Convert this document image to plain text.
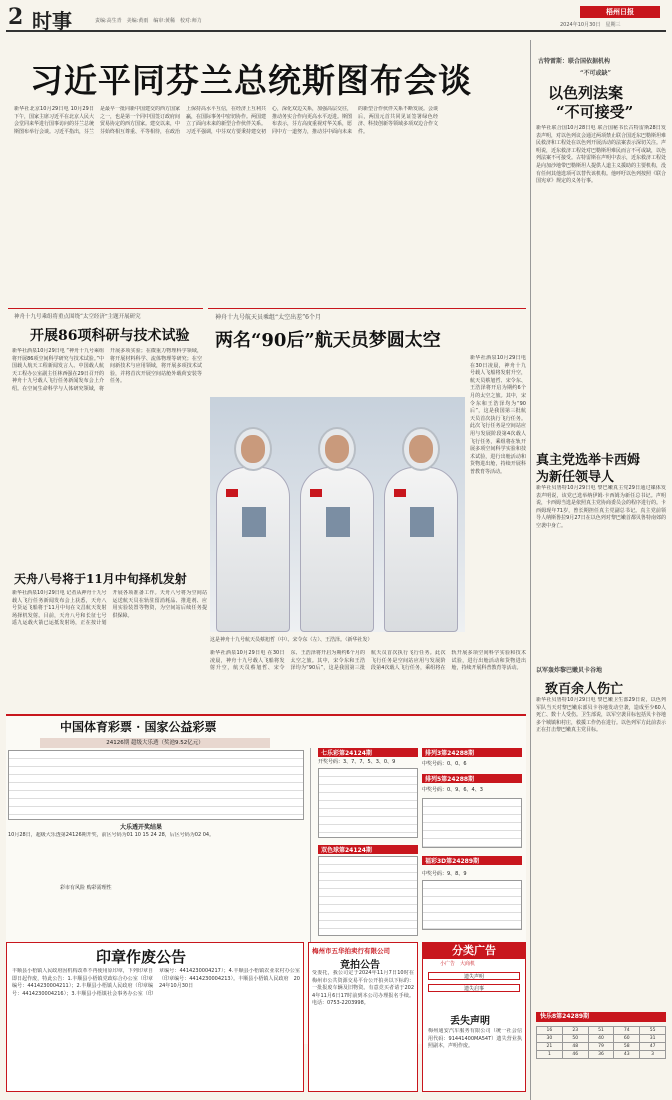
2 时事	责编:高生青　美编:黄雨　编审:黄稀　校对:师力
梧州日报
2024年10月30日　星期三
习近平同芬兰总统斯图布会谈
新华社北京10月29日电 10月29日下午，国家主席习近平在北京人民大会堂同来华进行国事访问的芬兰总统斯图布举行会谈。习近平指出，芬兰是最早一批同新中国建交的西方国家之一，也是第一个同中国签订政府间贸易协定的西方国家。建交以来，中芬始终相互尊重、平等相待，在政治上保持高水平互信，在经济上互利共赢，在国际事务中密切协作。两国建立了面向未来的新型合作伙伴关系。习近平强调，中芬双方要秉持建交初心，深化双边关系，加强高层交往，推动务实合作向更高水平迈进。斯图布表示，芬方高度重视对华关系，愿同中方一道努力，推动芬中面向未来的新型合作伙伴关系不断发展。会谈后，两国元首共同见证签署绿色经济、科技创新等领域多项双边合作文件。
古特雷斯：联合国依据机构
“不可或缺”
以色列法案
“不可接受”
新华社联合国10月28日电 联合国秘书长古特雷斯28日发表声明，对以色列议会通过两项禁止联合国近东巴勒斯坦难民救济和工程处在以色列开展活动的法案表示深切关注。声明说，近东救济工程处对巴勒斯坦难民而言不可或缺，以色列法案不可接受。古特雷斯在声明中表示，近东救济工程处是向加沙地带巴勒斯坦人提供人道主义援助的主要机构，没有任何其他选项可以替代该机构。他呼吁以色列按照《联合国宪章》规定的义务行事。
真主党选举卡西姆
为新任领导人
新华社贝鲁特10月29日电 黎巴嫩真主党29日通过媒体发表声明说，该党已选举纳伊姆·卡西姆为新任总书记。声明说，卡西姆当选是依照真主党协商委员会的程序进行的。卡西姆现年71岁，曾长期担任真主党副总书记。真主党前领导人纳斯鲁拉9月27日在以色列对黎巴嫩首都贝鲁特南郊的空袭中身亡。
以军轰炸黎巴嫩贝卡谷地
致百余人伤亡
新华社贝鲁特10月29日电 黎巴嫩卫生部29日说，以色列军队当天对黎巴嫩东部贝卡谷地发动空袭，造成至少60人死亡、数十人受伤。卫生部说，以军空袭目标包括贝卡谷地多个城镇和村庄，救援工作仍在进行。以色列军方此前表示正在打击黎巴嫩真主党目标。
神舟十九号乘组将重点围绕“太空经济”主题开展研究
开展86项科研与技术试验
新华社酒泉10月29日电 “神舟十九号乘组将开展86项空间科学研究与技术试验。”中国载人航天工程新闻发言人、中国载人航天工程办公室副主任林西强在29日召开的神舟十九号载人飞行任务新闻发布会上介绍。在空间生命科学与人体研究领域，将开展多项实验；在微重力物理科学领域，将开展材料科学、流体物理等研究；在空间新技术与应用领域，将开展多项技术试验，并将首次开展空间站舱外载荷安装等任务。
神舟十九号航天员乘组“太空出差”6个月
两名“90后”航天员梦圆太空
新华社酒泉10月29日电 在30日凌晨，神舟十九号载人飞船将发射升空，航天员蔡旭哲、宋令东、王浩泽将开启为期约6个月的太空之旅。其中，宋令东和王浩泽均为“90后”，这是我国第三批航天员首次执行飞行任务。此次飞行任务是空间站应用与发展阶段第4次载人飞行任务，乘组将在轨开展多项空间科学实验和技术试验，进行出舱活动和货物进出舱，持续开展科普教育等活动。
这是神舟十九号航天员蔡旭哲（中）、宋令东（左）、王浩泽。（新华社发）
新华社酒泉10月29日电 在30日凌晨，神舟十九号载人飞船将发射升空，航天员蔡旭哲、宋令东、王浩泽将开启为期约6个月的太空之旅。其中，宋令东和王浩泽均为“90后”，这是我国第三批航天员首次执行飞行任务。此次飞行任务是空间站应用与发展阶段第4次载人飞行任务，乘组将在轨开展多项空间科学实验和技术试验，进行出舱活动和货物进出舱，持续开展科普教育等活动。
天舟八号将于11月中旬择机发射
新华社酒泉10月29日电 记者从神舟十九号载人飞行任务新闻发布会上获悉，天舟八号货运飞船将于11月中旬在文昌航天发射场择机发射。目前，天舟八号和长征七号遥九运载火箭已运抵发射场，正在按计划开展各项准备工作。天舟八号将为空间站运送航天员在轨驻留消耗品、推进剂、应用实验装置等物资，为空间站后续任务提供保障。
中国体育彩票 · 国家公益彩票
24126期 超级大乐透（奖池9.52亿元）
大乐透开奖结果
10月28日，超级大乐透第24126期开奖，前区号码为01 10 15 24 28，后区号码为02 04。
彩市有风险 购彩需理性
七乐彩第24124期
开奖号码：3、7、7、5、3、0、9
排列3第24288期
中奖号码：0、0、6
排列5第24288期
中奖号码：0、9、6、4、3
双色球第24124期
福彩3D第24289期
中奖号码：9、8、9
印章作废公告
丰顺县小梧镇人民政府因机构改革不再使用原印章，下列印章自即日起作废，特此公告：1.丰顺县小梧镇党政综合办公室（印章编号：4414230004211）；2.丰顺县小梧镇人民政府（印章编号：4414230004216）；3.丰顺县小梧镇社会事务办公室（印章编号：4414230004217）；4.丰顺县小梧镇农业农村办公室（印章编号：4414230004213）。丰顺县小梧镇人民政府　2024年10月30日
梅州市五华拍卖行有限公司
竞拍公告
受委托，我公司定于2024年11月7日10时在梅州市公共资源交易平台公开拍卖以下标的：一批报废车辆及旧物资。有意竞买者请于2024年11月6日17时前到本公司办理报名手续。电话：0753-2203998。
分类广告
小广告　大商机
遗失声明
遗失启事
丢失声明
梅州通安汽车服务有限公司（统一社会信用代码：91441400MA54T）遗失营业执照副本，声明作废。
快乐8第24289期
16	23	51	74	55
30	50	40	60	31
21	48	79	58	47
1	46	36	43	3
